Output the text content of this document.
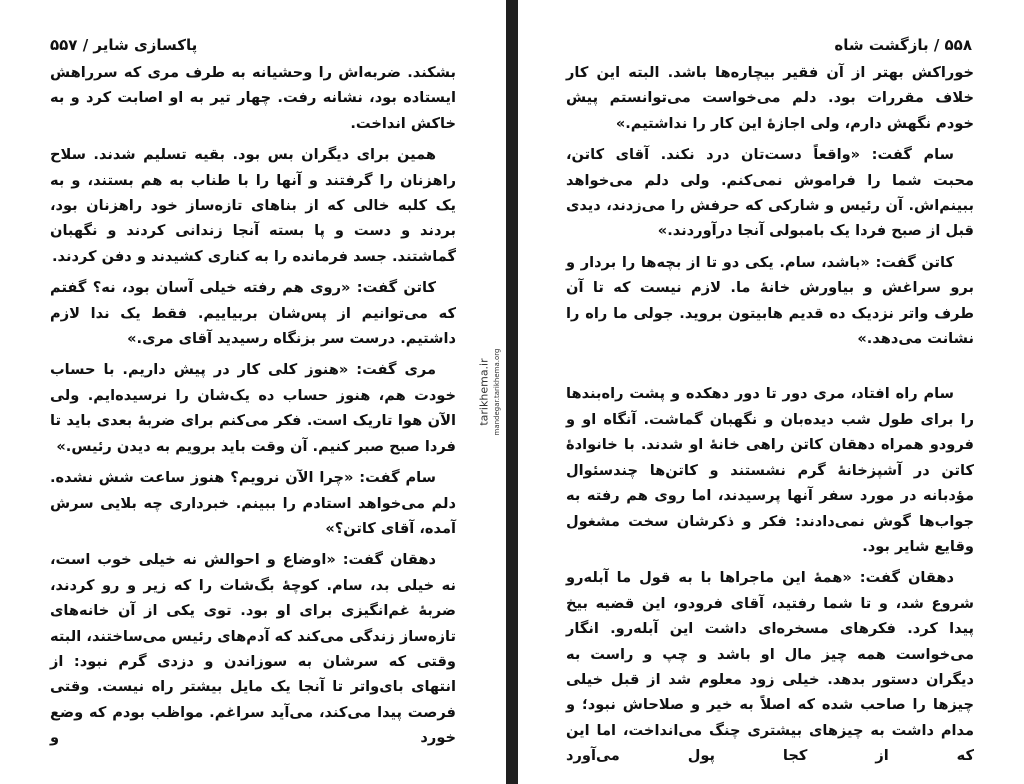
پاکسازی شایر / ۵۵۷

بشکند. ضربه‌اش را وحشیانه به طرف مری که سرراهش ایستاده بود، نشانه رفت. چهار تیر به او اصابت کرد و به خاکش انداخت.

همین برای دیگران بس بود. بقیه تسلیم شدند. سلاح راهزنان را گرفتند و آنها را با طناب به هم بستند، و به یک کلبه خالی که از بناهای تازه‌ساز خود راهزنان بود، بردند و دست و پا بسته آنجا زندانی کردند و نگهبان گماشتند. جسد فرمانده را به کناری کشیدند و دفن کردند.

کاتن گفت: «روی هم رفته خیلی آسان بود، نه؟ گفتم که می‌توانیم از پس‌شان بربیاییم. فقط یک ندا لازم داشتیم. درست سر بزنگاه رسیدید آقای مری.»

مری گفت: «هنوز کلی کار در پیش داریم. با حساب خودت هم، هنوز حساب ده یک‌شان را نرسیده‌ایم. ولی الآن هوا تاریک است. فکر می‌کنم برای ضربهٔ بعدی باید تا فردا صبح صبر کنیم. آن وقت باید برویم به دیدن رئیس.»

سام گفت: «چرا الآن نرویم؟ هنوز ساعت شش نشده. دلم می‌خواهد استادم را ببینم. خبرداری چه بلایی سرش آمده، آقای کاتن؟»

دهقان گفت: «اوضاع و احوالش نه خیلی خوب است، نه خیلی بد، سام. کوچهٔ بگ‌شات را که زیر و رو کردند، ضربهٔ غم‌انگیزی برای او بود. توی یکی از آن خانه‌های تازه‌ساز زندگی می‌کند که آدم‌های رئیس می‌ساختند، البته وقتی که سرشان به سوزاندن و دزدی گرم نبود: از انتهای بای‌واتر تا آنجا یک مایل بیشتر راه نیست. وقتی فرصت پیدا می‌کند، می‌آید سراغم. مواظب بودم که وضع خورد و

tarikhema.ir mandegar.tarikhema.org
۵۵۸ / بازگشت شاه

خوراکش بهتر از آن فقیر بیچاره‌ها باشد. البته این کار خلاف مقررات بود. دلم می‌خواست می‌توانستم پیش خودم نگهش دارم، ولی اجازهٔ این کار را نداشتیم.»

سام گفت: «واقعاً دست‌تان درد نکند. آقای کاتن، محبت شما را فراموش نمی‌کنم. ولی دلم می‌خواهد ببینم‌اش. آن رئیس و شارکی که حرفش را می‌زدند، دیدی قبل از صبح فردا یک بامبولی آنجا درآوردند.»

کاتن گفت: «باشد، سام. یکی دو تا از بچه‌ها را بردار و برو سراغش و بیاورش خانهٔ ما. لازم نیست که تا آن طرف واتر نزدیک ده قدیم هابیتون بروید. جولی ما راه را نشانت می‌دهد.»

سام راه افتاد، مری دور تا دور دهکده و پشت راه‌بندها را برای طول شب دیده‌بان و نگهبان گماشت. آنگاه او و فرودو همراه دهقان کاتن راهی خانهٔ او شدند. با خانوادهٔ کاتن در آشپزخانهٔ گرم نشستند و کاتن‌ها چندسئوال مؤدبانه در مورد سفر آنها پرسیدند، اما روی هم رفته به جواب‌ها گوش نمی‌دادند: فکر و ذکرشان سخت مشغول وقایع شایر بود.

دهقان گفت: «همهٔ این ماجراها با به قول ما آبله‌رو شروع شد، و تا شما رفتید، آقای فرودو، این قضیه بیخ پیدا کرد. فکرهای مسخره‌ای داشت این آبله‌رو. انگار می‌خواست همه چیز مال او باشد و چپ و راست به دیگران دستور بدهد. خیلی زود معلوم شد از قبل خیلی چیزها را صاحب شده که اصلاً به خیر و صلاحاش نبود؛ و مدام داشت به چیزهای بیشتری چنگ می‌انداخت، اما این که از کجا پول می‌آورد
